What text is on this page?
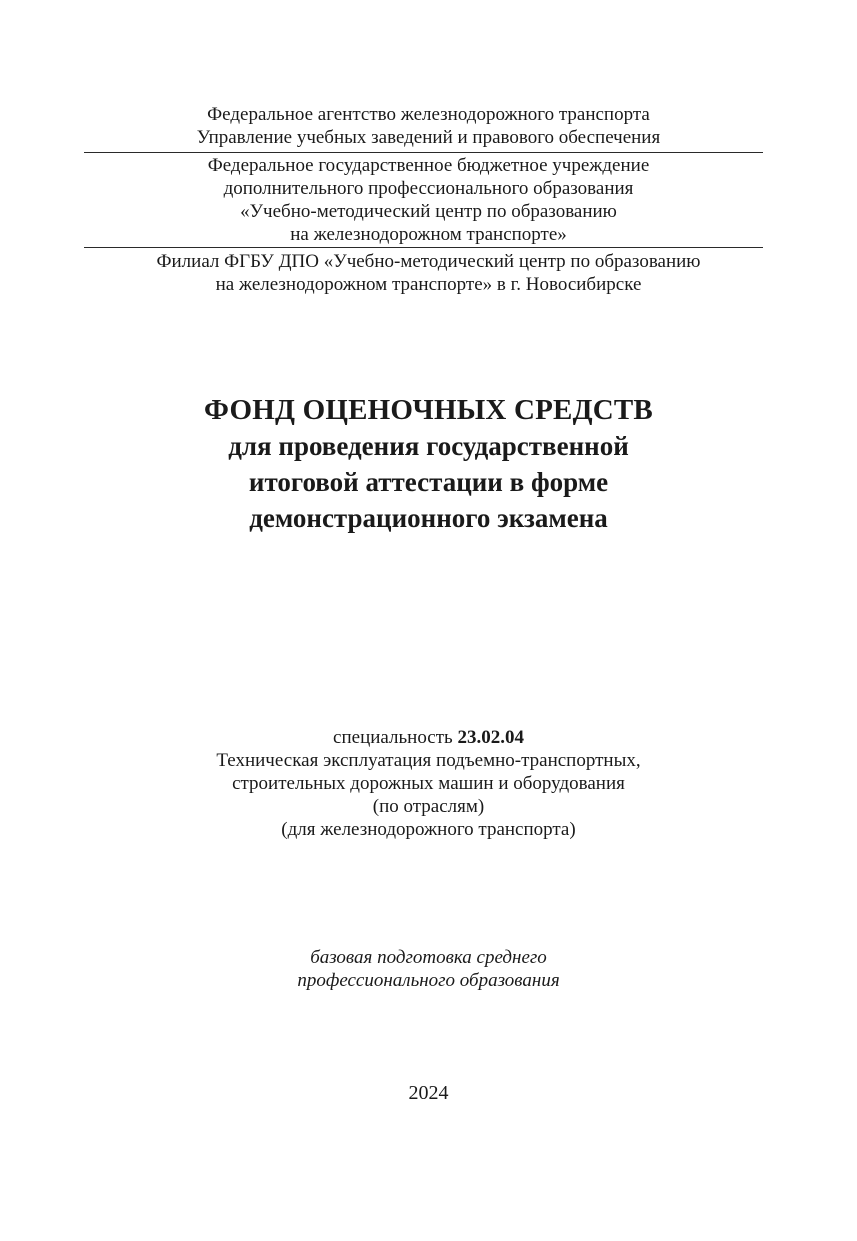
Федеральное агентство железнодорожного транспорта
Управление учебных заведений и правового обеспечения
Федеральное государственное бюджетное учреждение
дополнительного профессионального образования
«Учебно-методический центр по образованию
на железнодорожном транспорте»
Филиал ФГБУ ДПО «Учебно-методический центр по образованию
на железнодорожном транспорте» в г. Новосибирске
ФОНД ОЦЕНОЧНЫХ СРЕДСТВ
для проведения государственной
итоговой аттестации в форме
демонстрационного экзамена
специальность 23.02.04
Техническая эксплуатация подъемно-транспортных,
строительных дорожных машин и оборудования
(по отраслям)
(для железнодорожного транспорта)
базовая подготовка среднего
профессионального образования
2024
